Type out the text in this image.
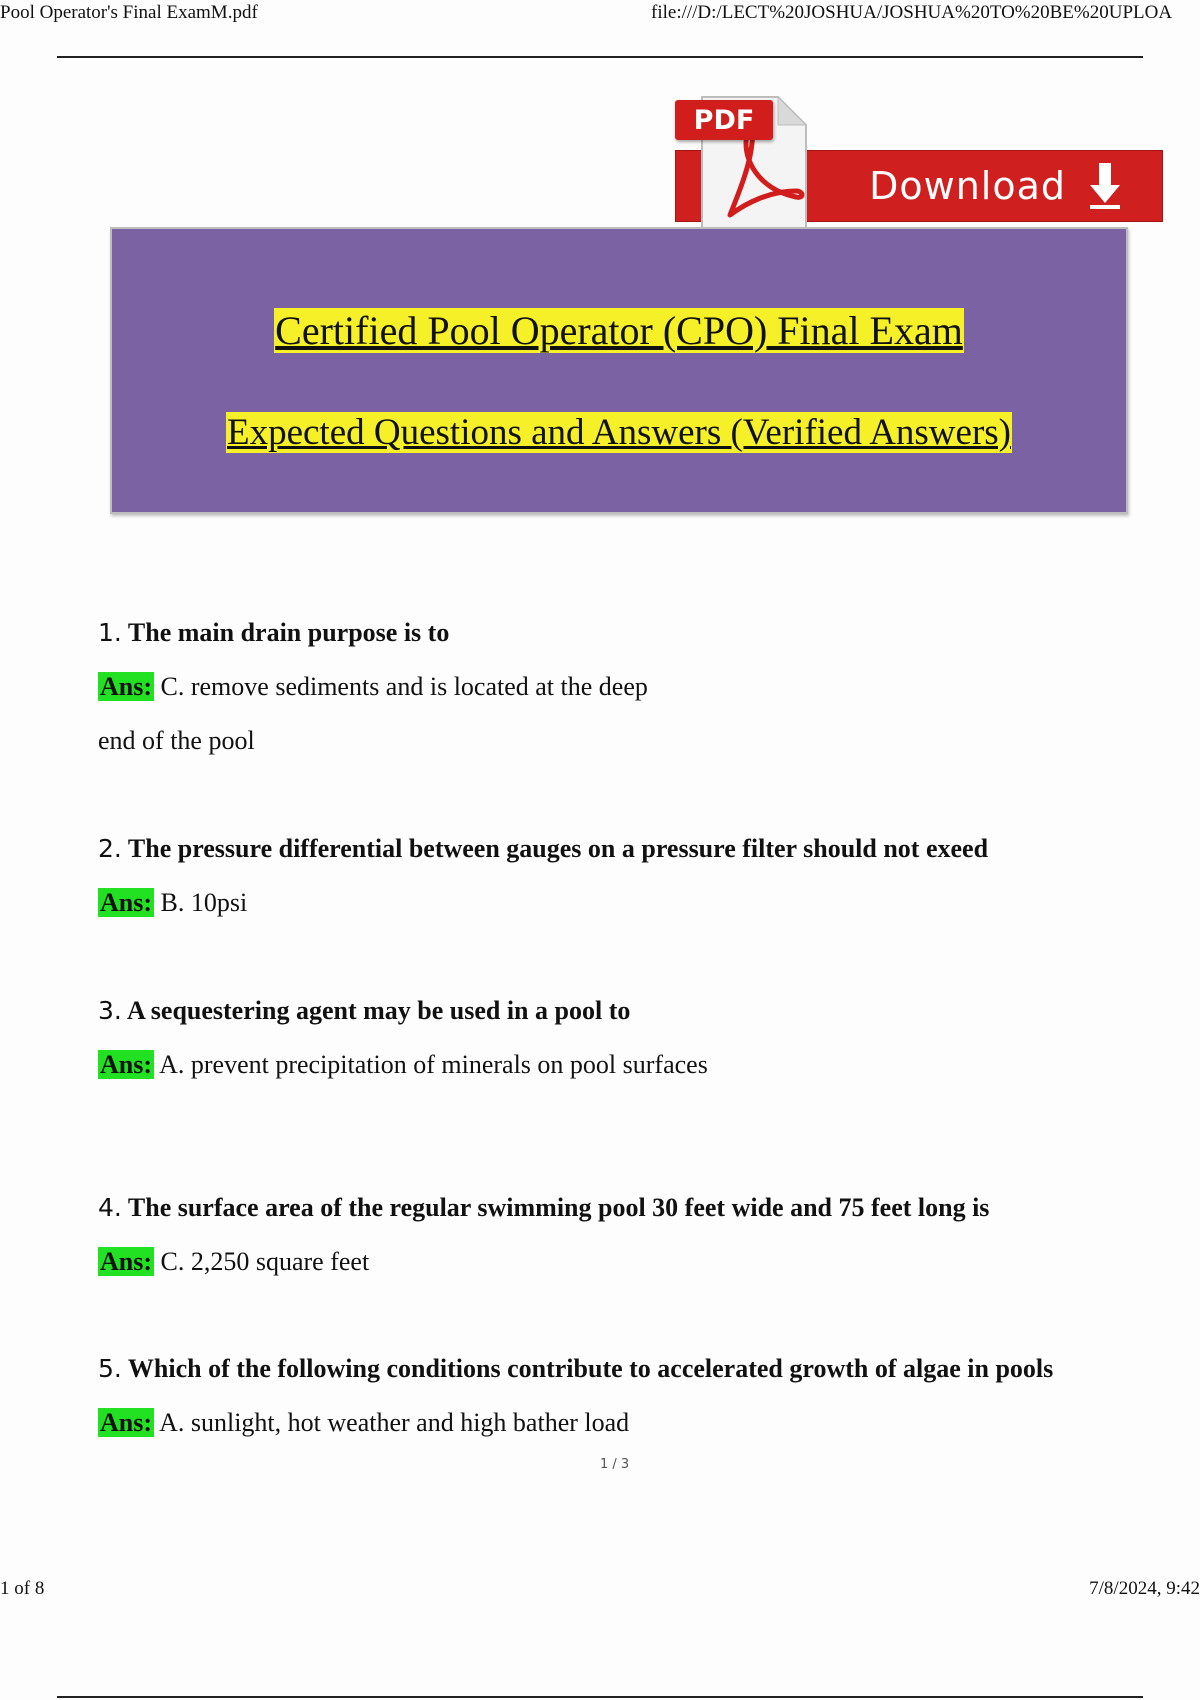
Pool Operator's Final ExamM.pdf	file:///D:/LECT%20JOSHUA/JOSHUA%20TO%20BE%20UPLOA
Download
PDF
Certified Pool Operator (CPO) Final Exam
Expected Questions and Answers (Verified Answers)
1. The main drain purpose is to
Ans: C. remove sediments and is located at the deep
end of the pool
2. The pressure differential between gauges on a pressure filter should not exeed
Ans: B. 10psi
3. A sequestering agent may be used in a pool to
Ans: A. prevent precipitation of minerals on pool surfaces
4. The surface area of the regular swimming pool 30 feet wide and 75 feet long is
Ans: C. 2,250 square feet
5. Which of the following conditions contribute to accelerated growth of algae in pools
Ans: A. sunlight, hot weather and high bather load
1 / 3
1 of 8	7/8/2024, 9:42
